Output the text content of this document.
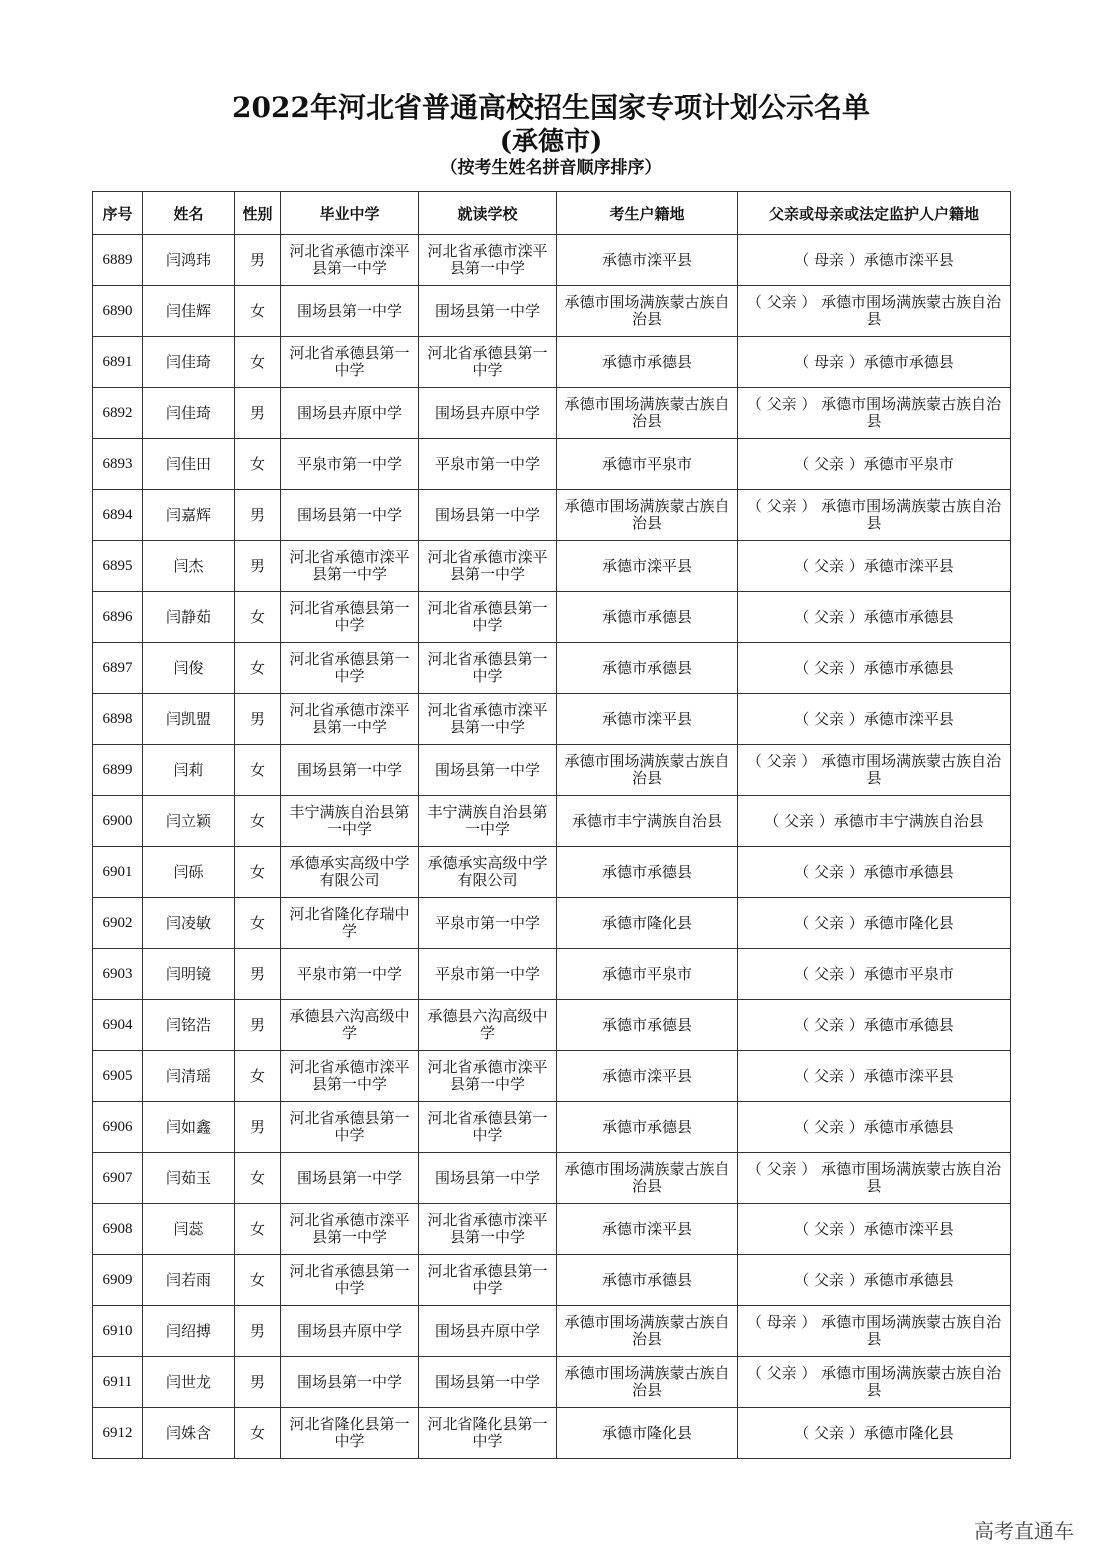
2022年河北省普通高校招生国家专项计划公示名单
(承德市)
（按考生姓名拼音顺序排序）
序号	姓名	性别	毕业中学	就读学校	考生户籍地	父亲或母亲或法定监护人户籍地
6889	闫鸿玮	男	河北省承德市滦平县第一中学	河北省承德市滦平县第一中学	承德市滦平县	（ 母亲 ）承德市滦平县
6890	闫佳辉	女	围场县第一中学	围场县第一中学	承德市围场满族蒙古族自治县	（ 父亲 ） 承德市围场满族蒙古族自治县
6891	闫佳琦	女	河北省承德县第一中学	河北省承德县第一中学	承德市承德县	（ 母亲 ）承德市承德县
6892	闫佳琦	男	围场县卉原中学	围场县卉原中学	承德市围场满族蒙古族自治县	（ 父亲 ） 承德市围场满族蒙古族自治县
6893	闫佳田	女	平泉市第一中学	平泉市第一中学	承德市平泉市	（ 父亲 ）承德市平泉市
6894	闫嘉辉	男	围场县第一中学	围场县第一中学	承德市围场满族蒙古族自治县	（ 父亲 ） 承德市围场满族蒙古族自治县
6895	闫杰	男	河北省承德市滦平县第一中学	河北省承德市滦平县第一中学	承德市滦平县	（ 父亲 ）承德市滦平县
6896	闫静茹	女	河北省承德县第一中学	河北省承德县第一中学	承德市承德县	（ 父亲 ）承德市承德县
6897	闫俊	女	河北省承德县第一中学	河北省承德县第一中学	承德市承德县	（ 父亲 ）承德市承德县
6898	闫凯盟	男	河北省承德市滦平县第一中学	河北省承德市滦平县第一中学	承德市滦平县	（ 父亲 ）承德市滦平县
6899	闫莉	女	围场县第一中学	围场县第一中学	承德市围场满族蒙古族自治县	（ 父亲 ） 承德市围场满族蒙古族自治县
6900	闫立颖	女	丰宁满族自治县第一中学	丰宁满族自治县第一中学	承德市丰宁满族自治县	（ 父亲 ）承德市丰宁满族自治县
6901	闫砾	女	承德承实高级中学有限公司	承德承实高级中学有限公司	承德市承德县	（ 父亲 ）承德市承德县
6902	闫凌敏	女	河北省隆化存瑞中学	平泉市第一中学	承德市隆化县	（ 父亲 ）承德市隆化县
6903	闫明镜	男	平泉市第一中学	平泉市第一中学	承德市平泉市	（ 父亲 ）承德市平泉市
6904	闫铭浩	男	承德县六沟高级中学	承德县六沟高级中学	承德市承德县	（ 父亲 ）承德市承德县
6905	闫清瑶	女	河北省承德市滦平县第一中学	河北省承德市滦平县第一中学	承德市滦平县	（ 父亲 ）承德市滦平县
6906	闫如鑫	男	河北省承德县第一中学	河北省承德县第一中学	承德市承德县	（ 父亲 ）承德市承德县
6907	闫茹玉	女	围场县第一中学	围场县第一中学	承德市围场满族蒙古族自治县	（ 父亲 ） 承德市围场满族蒙古族自治县
6908	闫蕊	女	河北省承德市滦平县第一中学	河北省承德市滦平县第一中学	承德市滦平县	（ 父亲 ）承德市滦平县
6909	闫若雨	女	河北省承德县第一中学	河北省承德县第一中学	承德市承德县	（ 父亲 ）承德市承德县
6910	闫绍搏	男	围场县卉原中学	围场县卉原中学	承德市围场满族蒙古族自治县	（ 母亲 ） 承德市围场满族蒙古族自治县
6911	闫世龙	男	围场县第一中学	围场县第一中学	承德市围场满族蒙古族自治县	（ 父亲 ） 承德市围场满族蒙古族自治县
6912	闫姝含	女	河北省隆化县第一中学	河北省隆化县第一中学	承德市隆化县	（ 父亲 ）承德市隆化县
高考直通车
